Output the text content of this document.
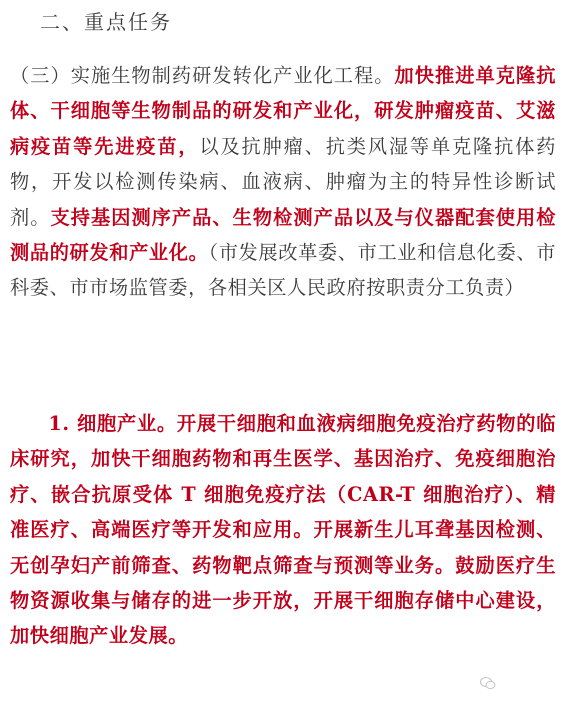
二、重点任务

（三）实施生物制药研发转化产业化工程。加快推进单克隆抗体、干细胞等生物制品的研发和产业化，研发肿瘤疫苗、艾滋病疫苗等先进疫苗，以及抗肿瘤、抗类风湿等单克隆抗体药物，开发以检测传染病、血液病、肿瘤为主的特异性诊断试剂。支持基因测序产品、生物检测产品以及与仪器配套使用检测品的研发和产业化。（市发展改革委、市工业和信息化委、市科委、市市场监管委，各相关区人民政府按职责分工负责）

1. 细胞产业。开展干细胞和血液病细胞免疫治疗药物的临床研究，加快干细胞药物和再生医学、基因治疗、免疫细胞治疗、嵌合抗原受体 T 细胞免疫疗法（CAR-T 细胞治疗）、精准医疗、高端医疗等开发和应用。开展新生儿耳聋基因检测、无创孕妇产前筛查、药物靶点筛查与预测等业务。鼓励医疗生物资源收集与储存的进一步开放，开展干细胞存储中心建设，加快细胞产业发展。
